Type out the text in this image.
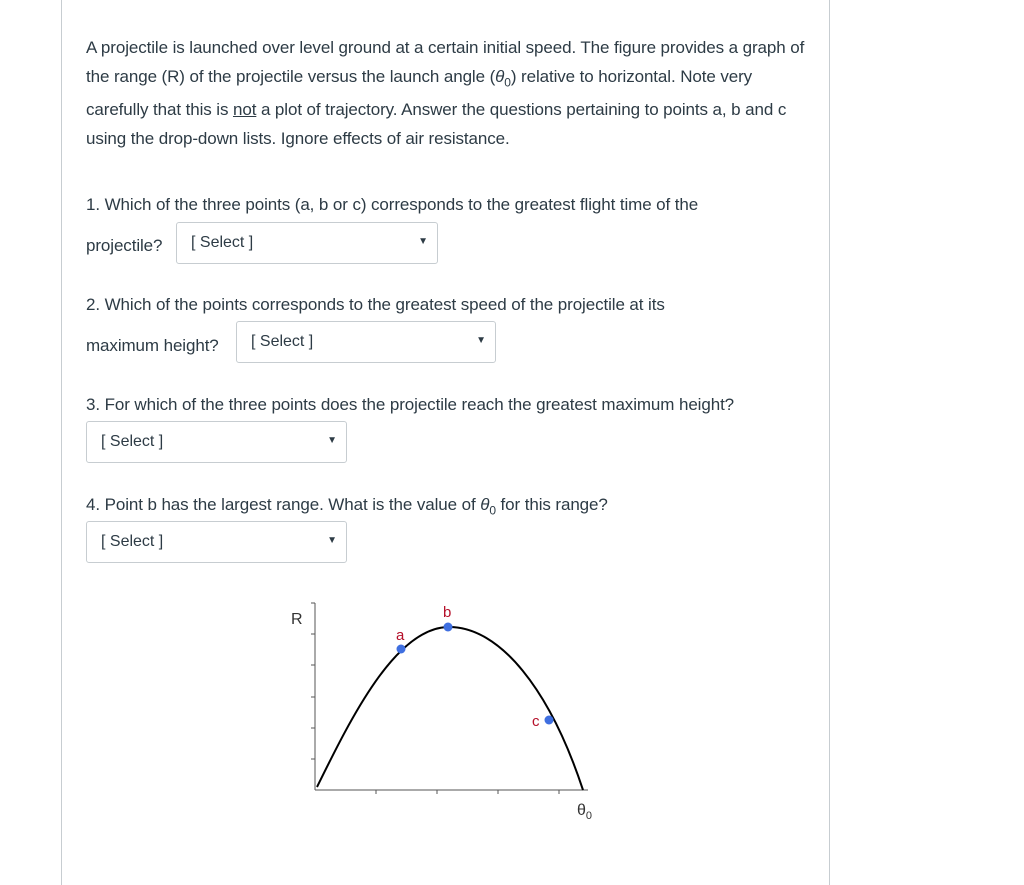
A projectile is launched over level ground at a certain initial speed. The figure provides a graph of the range (R) of the projectile versus the launch angle $(\theta_0)$ relative to horizontal. Note very carefully that this is not a plot of trajectory. Answer the questions pertaining to points a, b and c using the drop-down lists. Ignore effects of air resistance.

1. Which of the three points (a, b or c) corresponds to the greatest flight time of the
projectile? [ Select ]	▼
2. Which of the points corresponds to the greatest speed of the projectile at its
maximum height? [ Select ]	▼
3. For which of the three points does the projectile reach the greatest maximum height?
[ Select ]	▼
4. Point b has the largest range. What is the value of $\theta_0$ for this range?
[ Select ]	▼
R
a
b
c
$\theta_0$
